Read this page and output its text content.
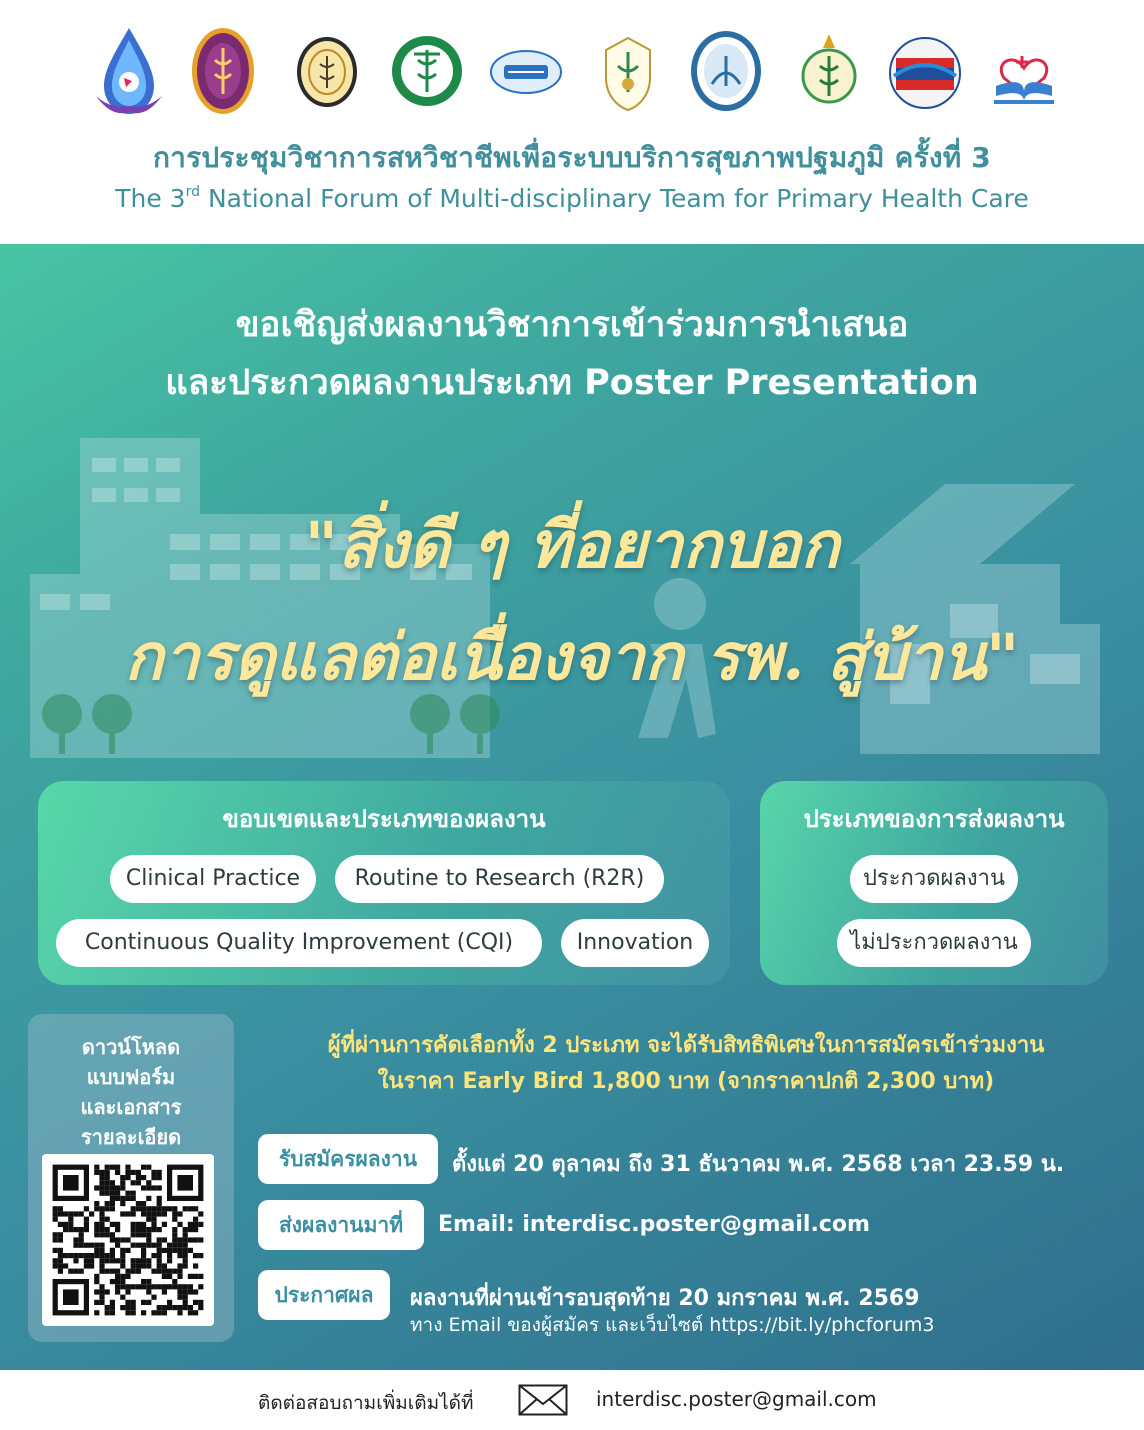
การประชุมวิชาการสหวิชาชีพเพื่อระบบบริการสุขภาพปฐมภูมิ ครั้งที่ 3
The 3rd National Forum of Multi-disciplinary Team for Primary Health Care
ขอเชิญส่งผลงานวิชาการเข้าร่วมการนำเสนอ
และประกวดผลงานประเภท Poster Presentation
"สิ่งดี ๆ ที่อยากบอก
การดูแลต่อเนื่องจาก รพ. สู่บ้าน"
ขอบเขตและประเภทของผลงาน
Clinical Practice	Routine to Research (R2R)
Continuous Quality Improvement (CQI)	Innovation
ประเภทของการส่งผลงาน
ประกวดผลงาน
ไม่ประกวดผลงาน
ดาวน์โหลด
แบบฟอร์ม
และเอกสาร
รายละเอียด
ผู้ที่ผ่านการคัดเลือกทั้ง 2 ประเภท จะได้รับสิทธิพิเศษในการสมัครเข้าร่วมงาน
ในราคา Early Bird 1,800 บาท (จากราคาปกติ 2,300 บาท)
รับสมัครผลงาน	ตั้งแต่ 20 ตุลาคม ถึง 31 ธันวาคม พ.ศ. 2568 เวลา 23.59 น.
ส่งผลงานมาที่	Email: interdisc.poster@gmail.com
ประกาศผล	ผลงานที่ผ่านเข้ารอบสุดท้าย 20 มกราคม พ.ศ. 2569
ทาง Email ของผู้สมัคร และเว็บไซต์ https://bit.ly/phcforum3
ติดต่อสอบถามเพิ่มเติมได้ที่	interdisc.poster@gmail.com
